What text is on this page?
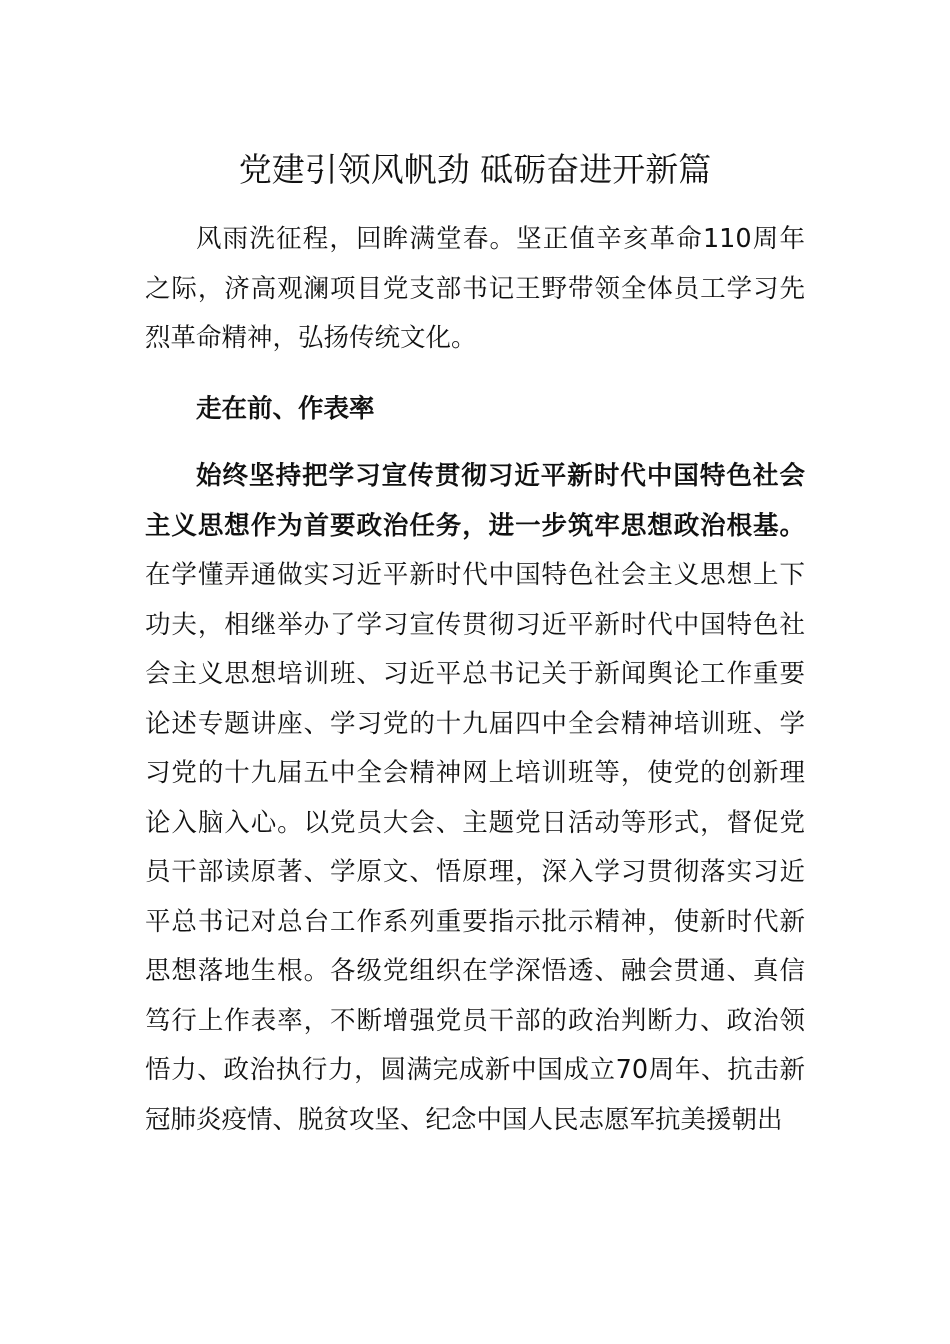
党建引领风帆劲 砥砺奋进开新篇

风雨洗征程，回眸满堂春。坚正值辛亥革命110周年之际，济高观澜项目党支部书记王野带领全体员工学习先烈革命精神，弘扬传统文化。

走在前、作表率

始终坚持把学习宣传贯彻习近平新时代中国特色社会主义思想作为首要政治任务，进一步筑牢思想政治根基。在学懂弄通做实习近平新时代中国特色社会主义思想上下功夫，相继举办了学习宣传贯彻习近平新时代中国特色社会主义思想培训班、习近平总书记关于新闻舆论工作重要论述专题讲座、学习党的十九届四中全会精神培训班、学习党的十九届五中全会精神网上培训班等，使党的创新理论入脑入心。以党员大会、主题党日活动等形式，督促党员干部读原著、学原文、悟原理，深入学习贯彻落实习近平总书记对总台工作系列重要指示批示精神，使新时代新思想落地生根。各级党组织在学深悟透、融会贯通、真信笃行上作表率，不断增强党员干部的政治判断力、政治领悟力、政治执行力，圆满完成新中国成立70周年、抗击新冠肺炎疫情、脱贫攻坚、纪念中国人民志愿军抗美援朝出
